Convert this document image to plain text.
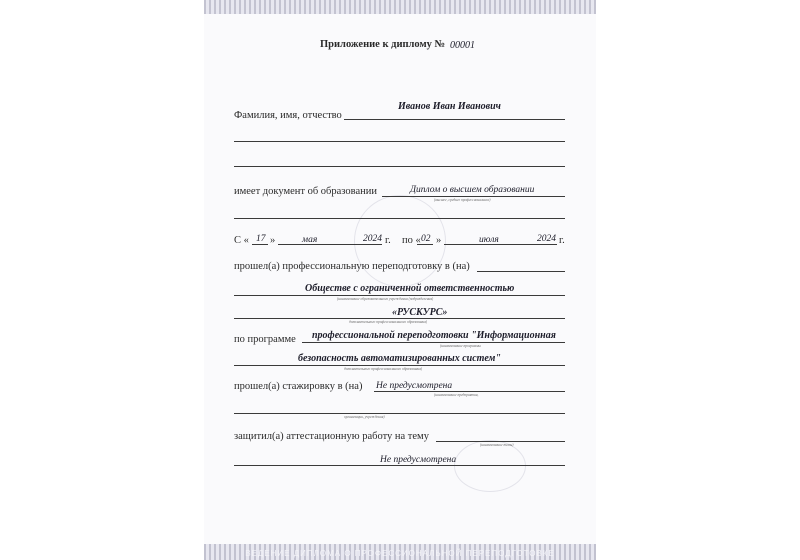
Приложение к диплому № 00001
Иванов Иван Иванович
Фамилия, имя, отчество
Диплом о высшем образовании
имеет документ об образовании
(высшее, среднее профессиональное)
С « 17 »	мая	2024 г. по « 02 »	июля	2024 г.
прошел(а) профессиональную переподготовку в (на)
Обществе с ограниченной ответственностью
(наименование образовательного учреждения (подразделения)
«РУСКУРС»
дополнительного профессионального образования)
по программе профессиональной переподготовки "Информационная
(наименование программы
безопасность автоматизированных систем"
дополнительного профессионального образования)
прошел(а) стажировку в (на) Не предусмотрена
(наименование предприятия,
организации, учреждения)
защитил(а) аттестационную работу на тему
(наименование темы)
Не предусмотрена
ВЕДЕНИЕ ДИПЛОМА О ПРОФЕССИОНАЛЬНОЙ ПЕРЕПОДГОТОВКЕ
